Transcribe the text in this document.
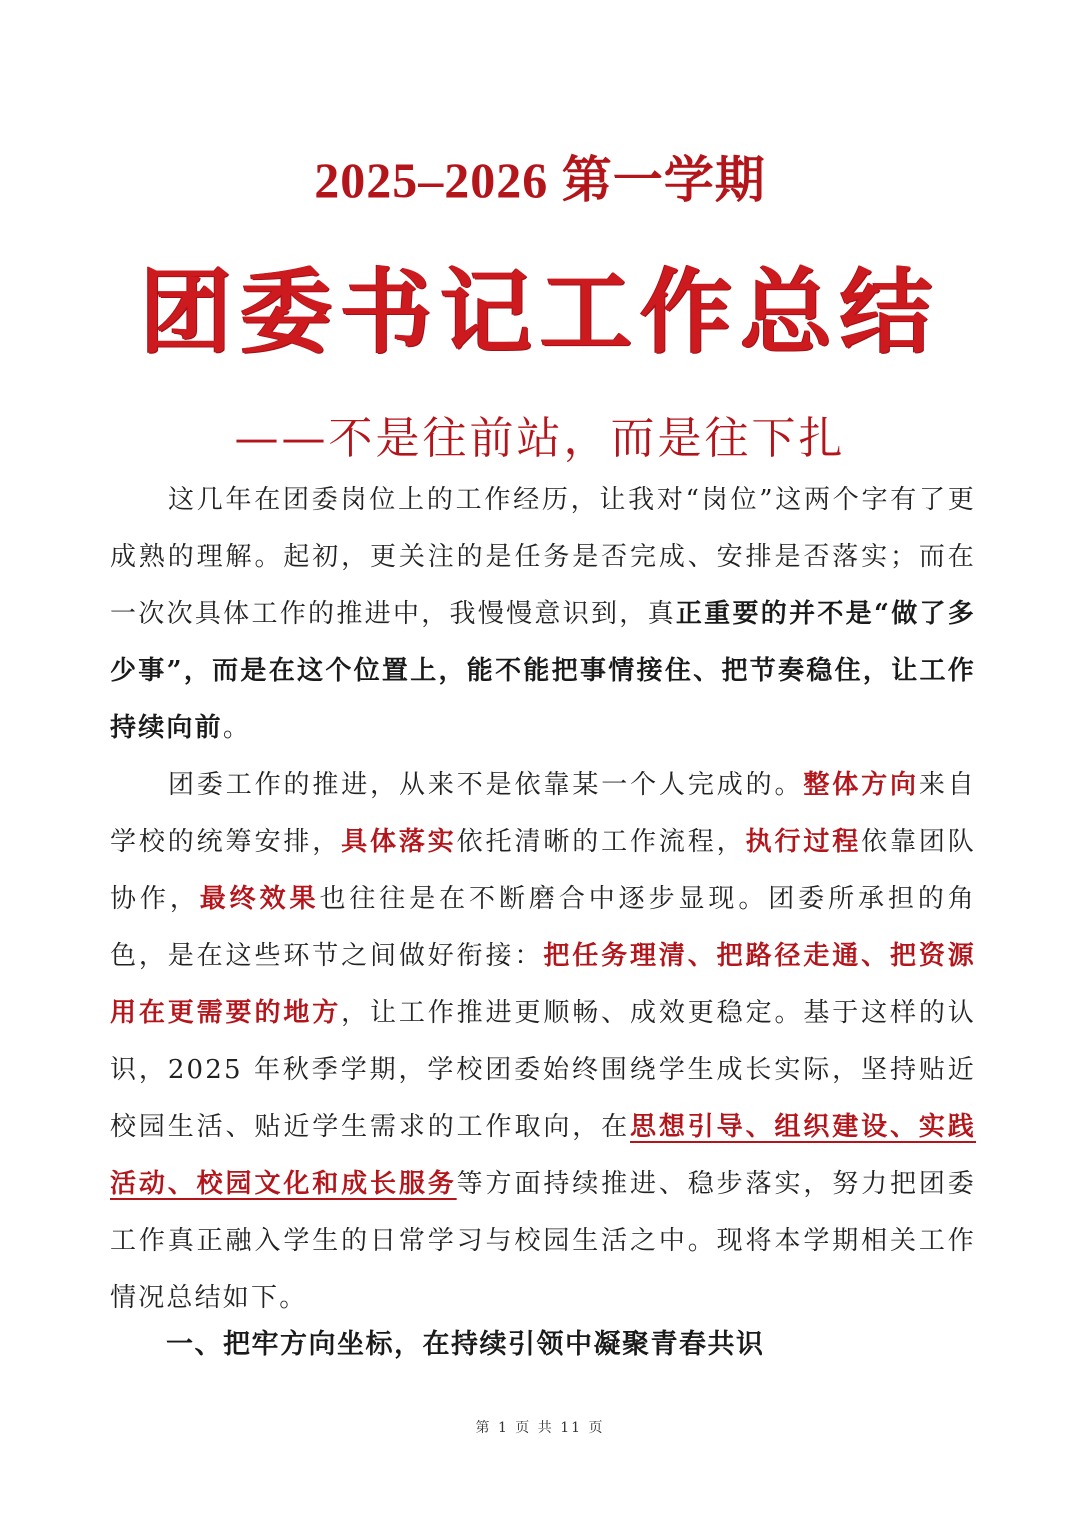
2025–2026 第一学期
团委书记工作总结
——不是往前站，而是往下扎

这几年在团委岗位上的工作经历，让我对“岗位”这两个字有了更成熟的理解。起初，更关注的是任务是否完成、安排是否落实；而在一次次具体工作的推进中，我慢慢意识到，真正重要的并不是“做了多少事”，而是在这个位置上，能不能把事情接住、把节奏稳住，让工作持续向前。

团委工作的推进，从来不是依靠某一个人完成的。整体方向来自学校的统筹安排，具体落实依托清晰的工作流程，执行过程依靠团队协作，最终效果也往往是在不断磨合中逐步显现。团委所承担的角色，是在这些环节之间做好衔接：把任务理清、把路径走通、把资源用在更需要的地方，让工作推进更顺畅、成效更稳定。基于这样的认识，2025 年秋季学期，学校团委始终围绕学生成长实际，坚持贴近校园生活、贴近学生需求的工作取向，在思想引导、组织建设、实践活动、校园文化和成长服务等方面持续推进、稳步落实，努力把团委工作真正融入学生的日常学习与校园生活之中。现将本学期相关工作情况总结如下。

一、把牢方向坐标，在持续引领中凝聚青春共识
第 1 页 共 11 页
